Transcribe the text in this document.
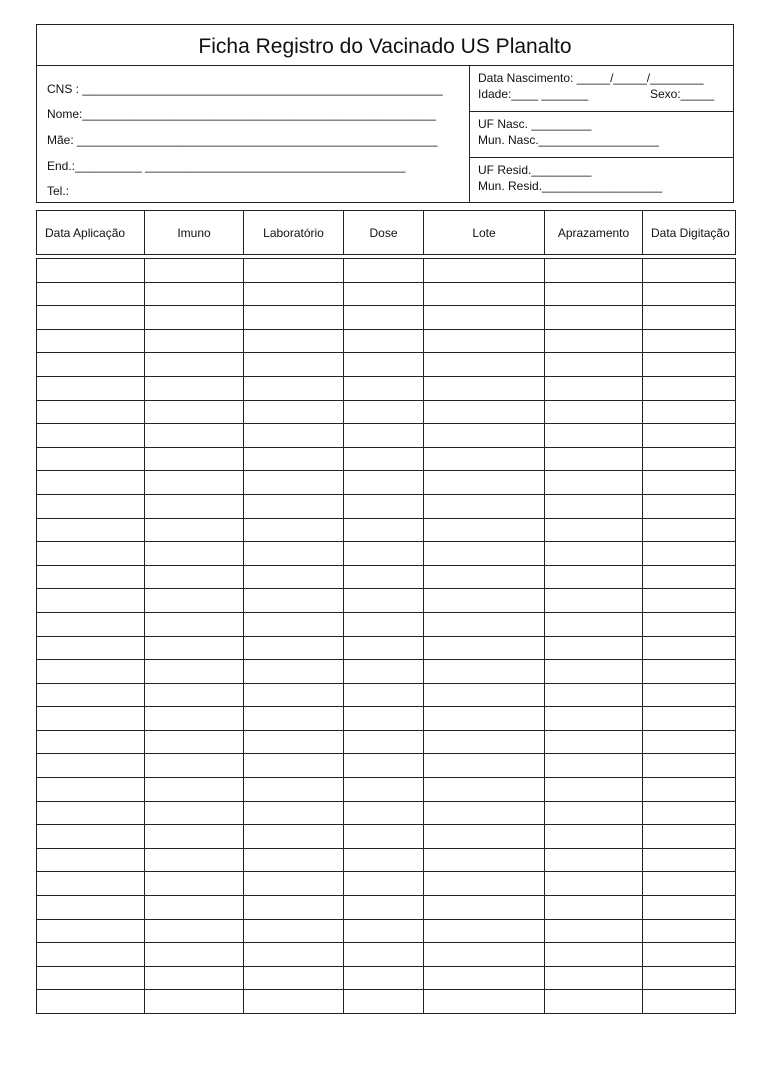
Ficha Registro do Vacinado US Planalto
CNS : ______________________________________________________
Nome:_____________________________________________________
Mãe: ______________________________________________________
End.:__________ _______________________________________
Tel.:
Data Nascimento: _____/_____/________
Idade:____ _______	Sexo:_____
UF Nasc. _________
Mun. Nasc.__________________
UF Resid._________
Mun. Resid.__________________
Data Aplicação	Imuno	Laboratório	Dose	Lote	Aprazamento	Data Digitação
